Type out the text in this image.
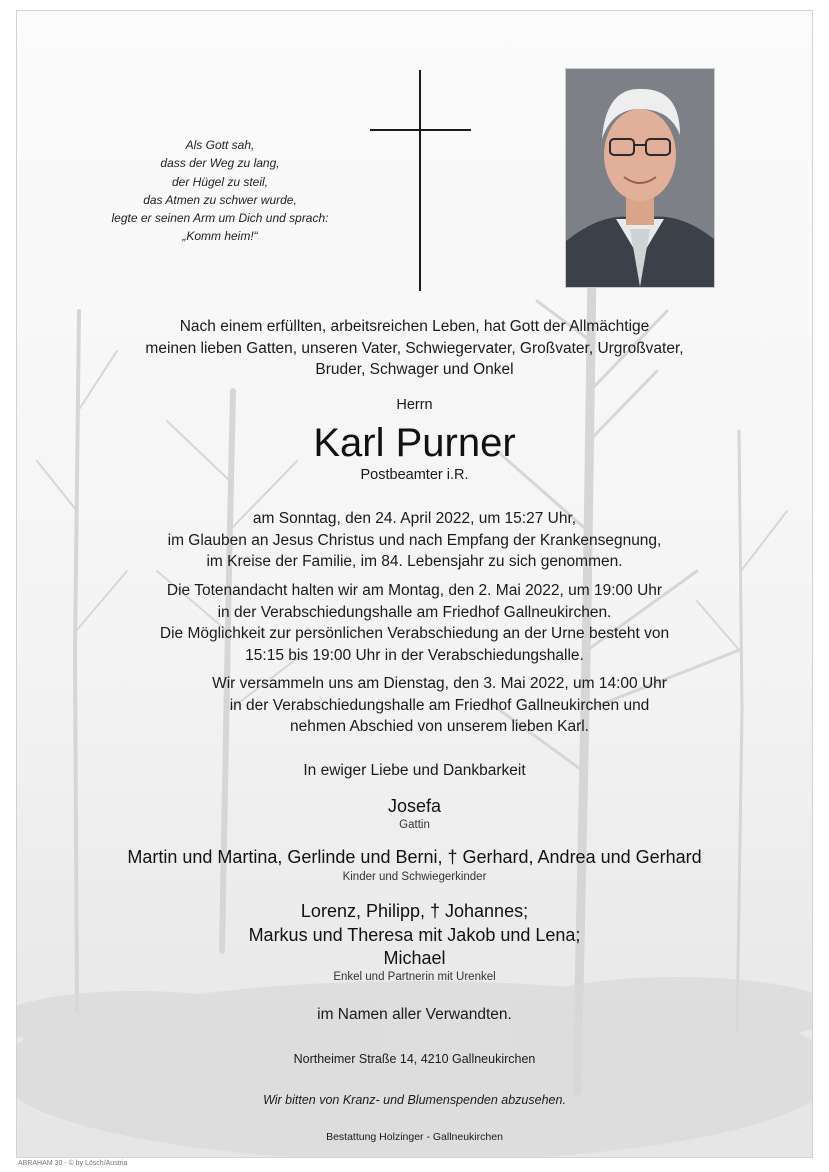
Als Gott sah,
dass der Weg zu lang,
der Hügel zu steil,
das Atmen zu schwer wurde,
legte er seinen Arm um Dich und sprach:
„Komm heim!“
Nach einem erfüllten, arbeitsreichen Leben, hat Gott der Allmächtige
meinen lieben Gatten, unseren Vater, Schwiegervater, Großvater, Urgroßvater,
Bruder, Schwager und Onkel
Herrn
Karl Purner
Postbeamter i.R.
am Sonntag, den 24. April 2022, um 15:27 Uhr,
im Glauben an Jesus Christus und nach Empfang der Krankensegnung,
im Kreise der Familie, im 84. Lebensjahr zu sich genommen.
Die Totenandacht halten wir am Montag, den 2. Mai 2022, um 19:00 Uhr
in der Verabschiedungshalle am Friedhof Gallneukirchen.
Die Möglichkeit zur persönlichen Verabschiedung an der Urne besteht von
15:15 bis 19:00 Uhr in der Verabschiedungshalle.
Wir versammeln uns am Dienstag, den 3. Mai 2022, um 14:00 Uhr
in der Verabschiedungshalle am Friedhof Gallneukirchen und
nehmen Abschied von unserem lieben Karl.
In ewiger Liebe und Dankbarkeit
Josefa
Gattin
Martin und Martina, Gerlinde und Berni, † Gerhard, Andrea und Gerhard
Kinder und Schwiegerkinder
Lorenz, Philipp, † Johannes;
Markus und Theresa mit Jakob und Lena;
Michael
Enkel und Partnerin mit Urenkel
im Namen aller Verwandten.
Northeimer Straße 14, 4210 Gallneukirchen
Wir bitten von Kranz- und Blumenspenden abzusehen.
Bestattung Holzinger - Gallneukirchen
ABRAHAM 30 - © by Lösch/Austria
